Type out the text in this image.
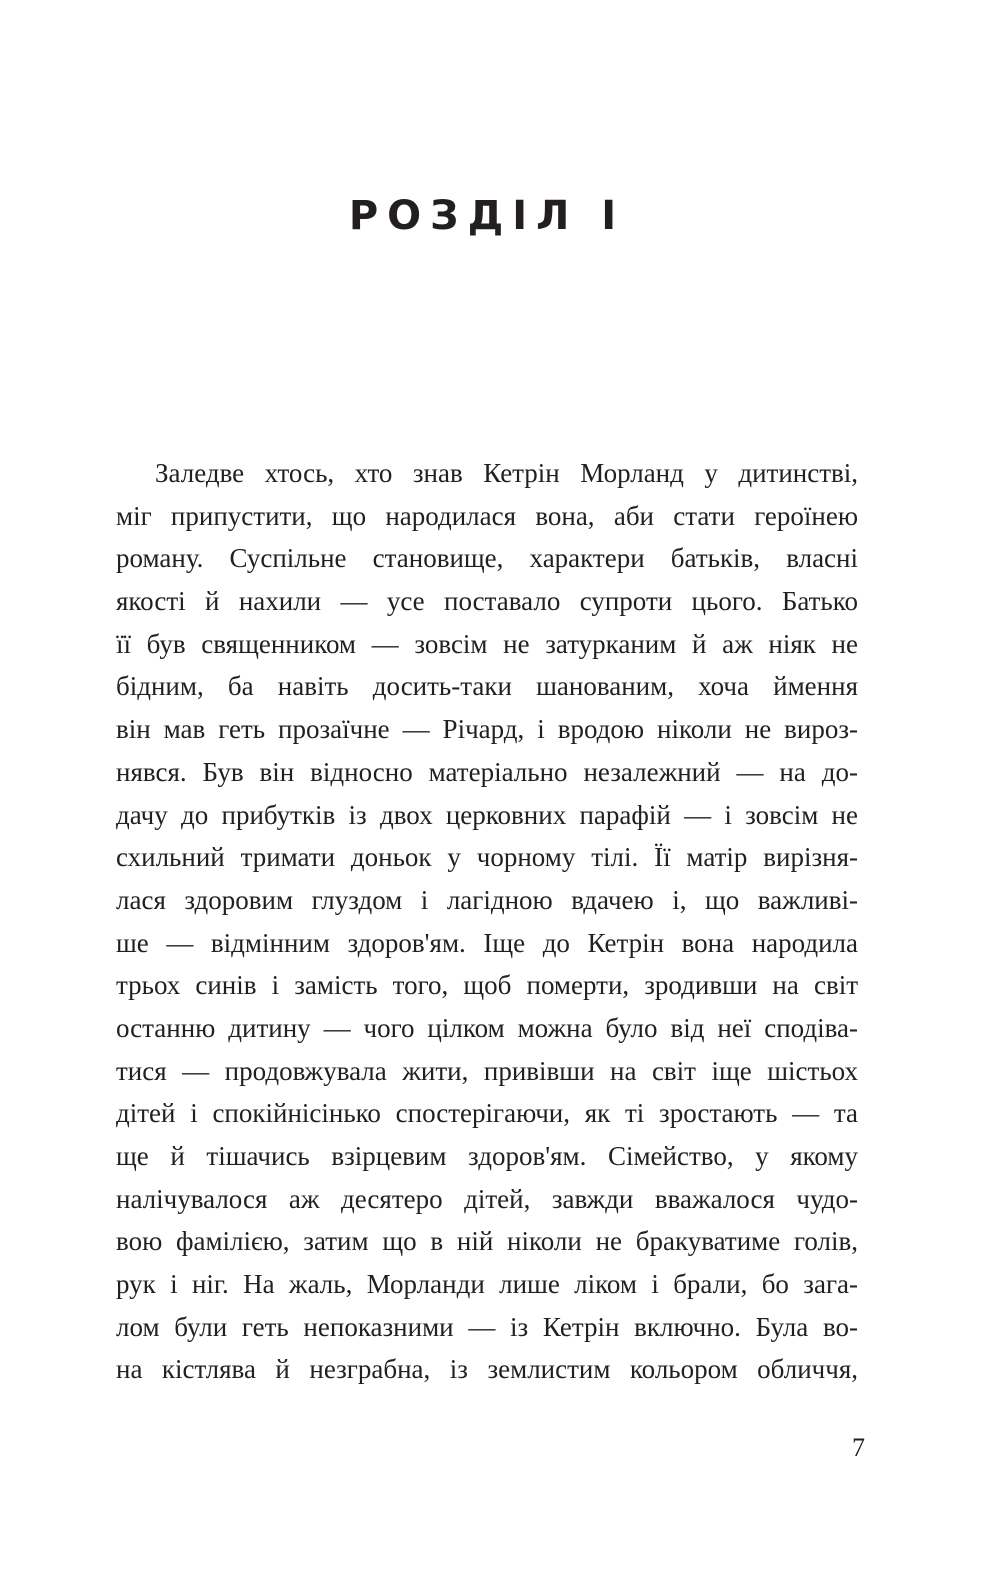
РОЗДІЛ І
Заледве хтось, хто знав Кетрін Морланд у дитинстві,
міг припустити, що народилася вона, аби стати героїнею
роману. Суспільне становище, характери батьків, власні
якості й нахили — усе поставало супроти цього. Батько
її був священником — зовсім не затурканим й аж ніяк не
бідним, ба навіть досить-таки шанованим, хоча ймення
він мав геть прозаїчне — Річард, і вродою ніколи не вироз-
нявся. Був він відносно матеріально незалежний — на до-
дачу до прибутків із двох церковних парафій — і зовсім не
схильний тримати доньок у чорному тілі. Її матір вирізня-
лася здоровим глуздом і лагідною вдачею і, що важливі-
ше — відмінним здоров'ям. Іще до Кетрін вона народила
трьох синів і замість того, щоб померти, зродивши на світ
останню дитину — чого цілком можна було від неї сподіва-
тися — продовжувала жити, привівши на світ іще шістьох
дітей і спокійнісінько спостерігаючи, як ті зростають — та
ще й тішачись взірцевим здоров'ям. Сімейство, у якому
налічувалося аж десятеро дітей, завжди вважалося чудо-
вою фамілією, затим що в ній ніколи не бракуватиме голів,
рук і ніг. На жаль, Морланди лише ліком і брали, бо зага-
лом були геть непоказними — із Кетрін включно. Була во-
на кістлява й незграбна, із землистим кольором обличчя,
7
